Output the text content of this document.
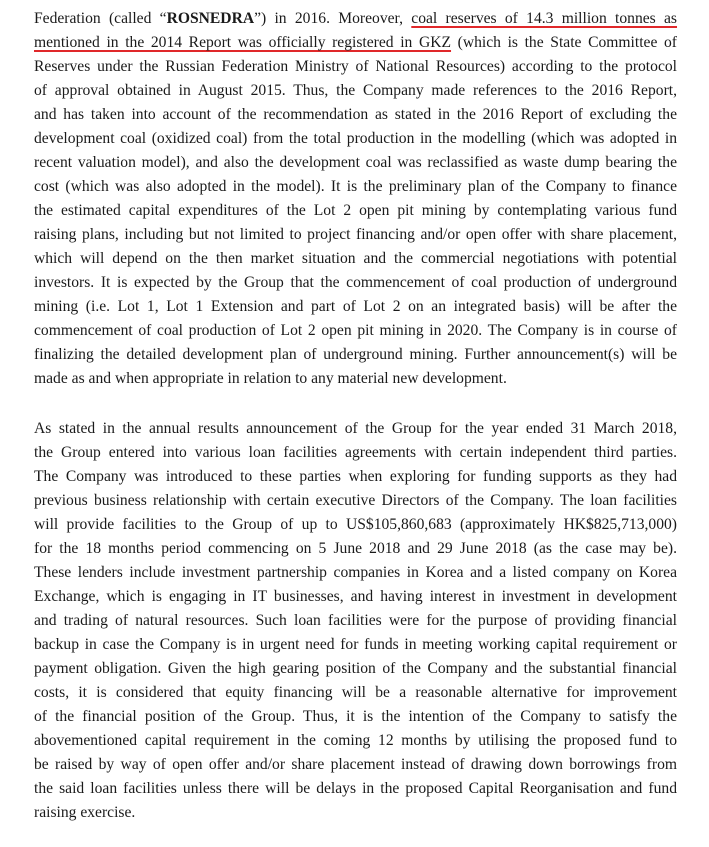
Federation (called “ROSNEDRA”) in 2016. Moreover, coal reserves of 14.3 million tonnes as
mentioned in the 2014 Report was officially registered in GKZ (which is the State Committee of
Reserves under the Russian Federation Ministry of National Resources) according to the protocol
of approval obtained in August 2015. Thus, the Company made references to the 2016 Report,
and has taken into account of the recommendation as stated in the 2016 Report of excluding the
development coal (oxidized coal) from the total production in the modelling (which was adopted in
recent valuation model), and also the development coal was reclassified as waste dump bearing the
cost (which was also adopted in the model). It is the preliminary plan of the Company to finance
the estimated capital expenditures of the Lot 2 open pit mining by contemplating various fund
raising plans, including but not limited to project financing and/or open offer with share placement,
which will depend on the then market situation and the commercial negotiations with potential
investors. It is expected by the Group that the commencement of coal production of underground
mining (i.e. Lot 1, Lot 1 Extension and part of Lot 2 on an integrated basis) will be after the
commencement of coal production of Lot 2 open pit mining in 2020. The Company is in course of
finalizing the detailed development plan of underground mining. Further announcement(s) will be
made as and when appropriate in relation to any material new development.
As stated in the annual results announcement of the Group for the year ended 31 March 2018,
the Group entered into various loan facilities agreements with certain independent third parties.
The Company was introduced to these parties when exploring for funding supports as they had
previous business relationship with certain executive Directors of the Company. The loan facilities
will provide facilities to the Group of up to US$105,860,683 (approximately HK$825,713,000)
for the 18 months period commencing on 5 June 2018 and 29 June 2018 (as the case may be).
These lenders include investment partnership companies in Korea and a listed company on Korea
Exchange, which is engaging in IT businesses, and having interest in investment in development
and trading of natural resources. Such loan facilities were for the purpose of providing financial
backup in case the Company is in urgent need for funds in meeting working capital requirement or
payment obligation. Given the high gearing position of the Company and the substantial financial
costs, it is considered that equity financing will be a reasonable alternative for improvement
of the financial position of the Group. Thus, it is the intention of the Company to satisfy the
abovementioned capital requirement in the coming 12 months by utilising the proposed fund to
be raised by way of open offer and/or share placement instead of drawing down borrowings from
the said loan facilities unless there will be delays in the proposed Capital Reorganisation and fund
raising exercise.
